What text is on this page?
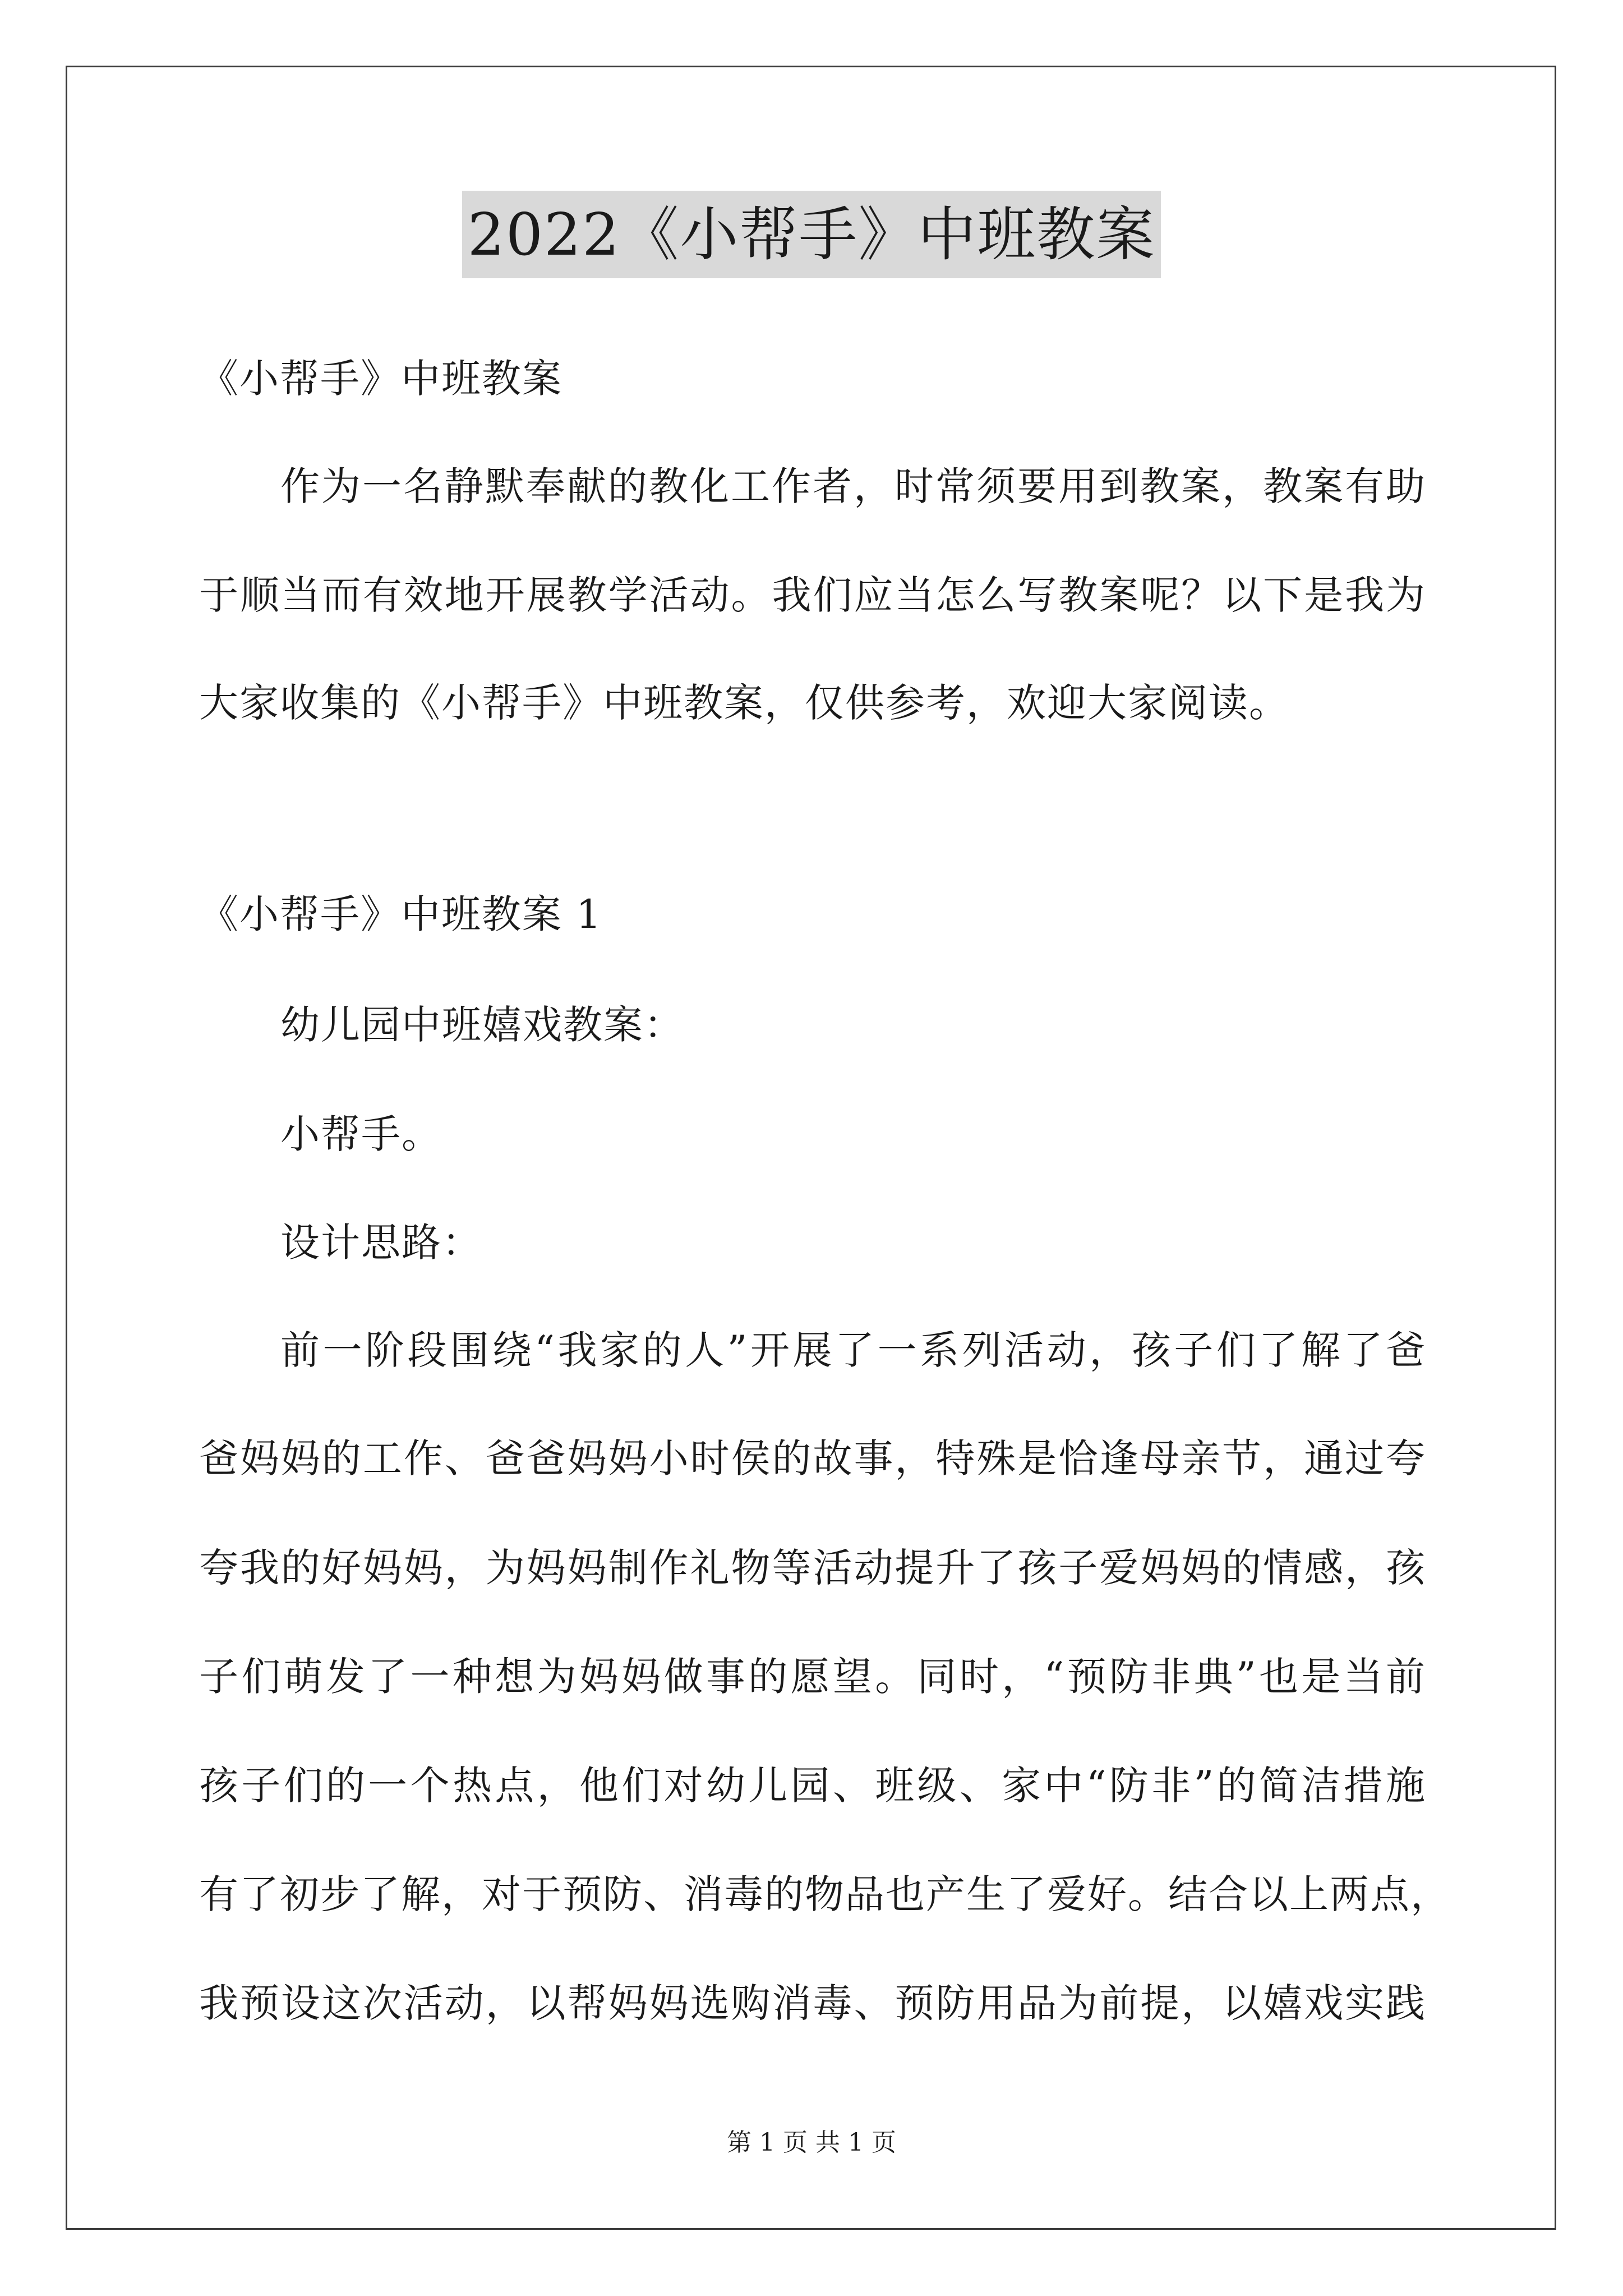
2022《小帮手》中班教案
《小帮手》中班教案
作为一名静默奉献的教化工作者，时常须要用到教案，教案有助
于顺当而有效地开展教学活动。我们应当怎么写教案呢？以下是我为
大家收集的《小帮手》中班教案，仅供参考，欢迎大家阅读。
《小帮手》中班教案 1
幼儿园中班嬉戏教案：
小帮手。
设计思路：
前一阶段围绕“我家的人”开展了一系列活动，孩子们了解了爸
爸妈妈的工作、爸爸妈妈小时侯的故事，特殊是恰逢母亲节，通过夸
夸我的好妈妈，为妈妈制作礼物等活动提升了孩子爱妈妈的情感，孩
子们萌发了一种想为妈妈做事的愿望。同时，“预防非典”也是当前
孩子们的一个热点，他们对幼儿园、班级、家中“防非”的简洁措施
有了初步了解，对于预防、消毒的物品也产生了爱好。结合以上两点，
我预设这次活动，以帮妈妈选购消毒、预防用品为前提，以嬉戏实践
第 1 页 共 1 页
